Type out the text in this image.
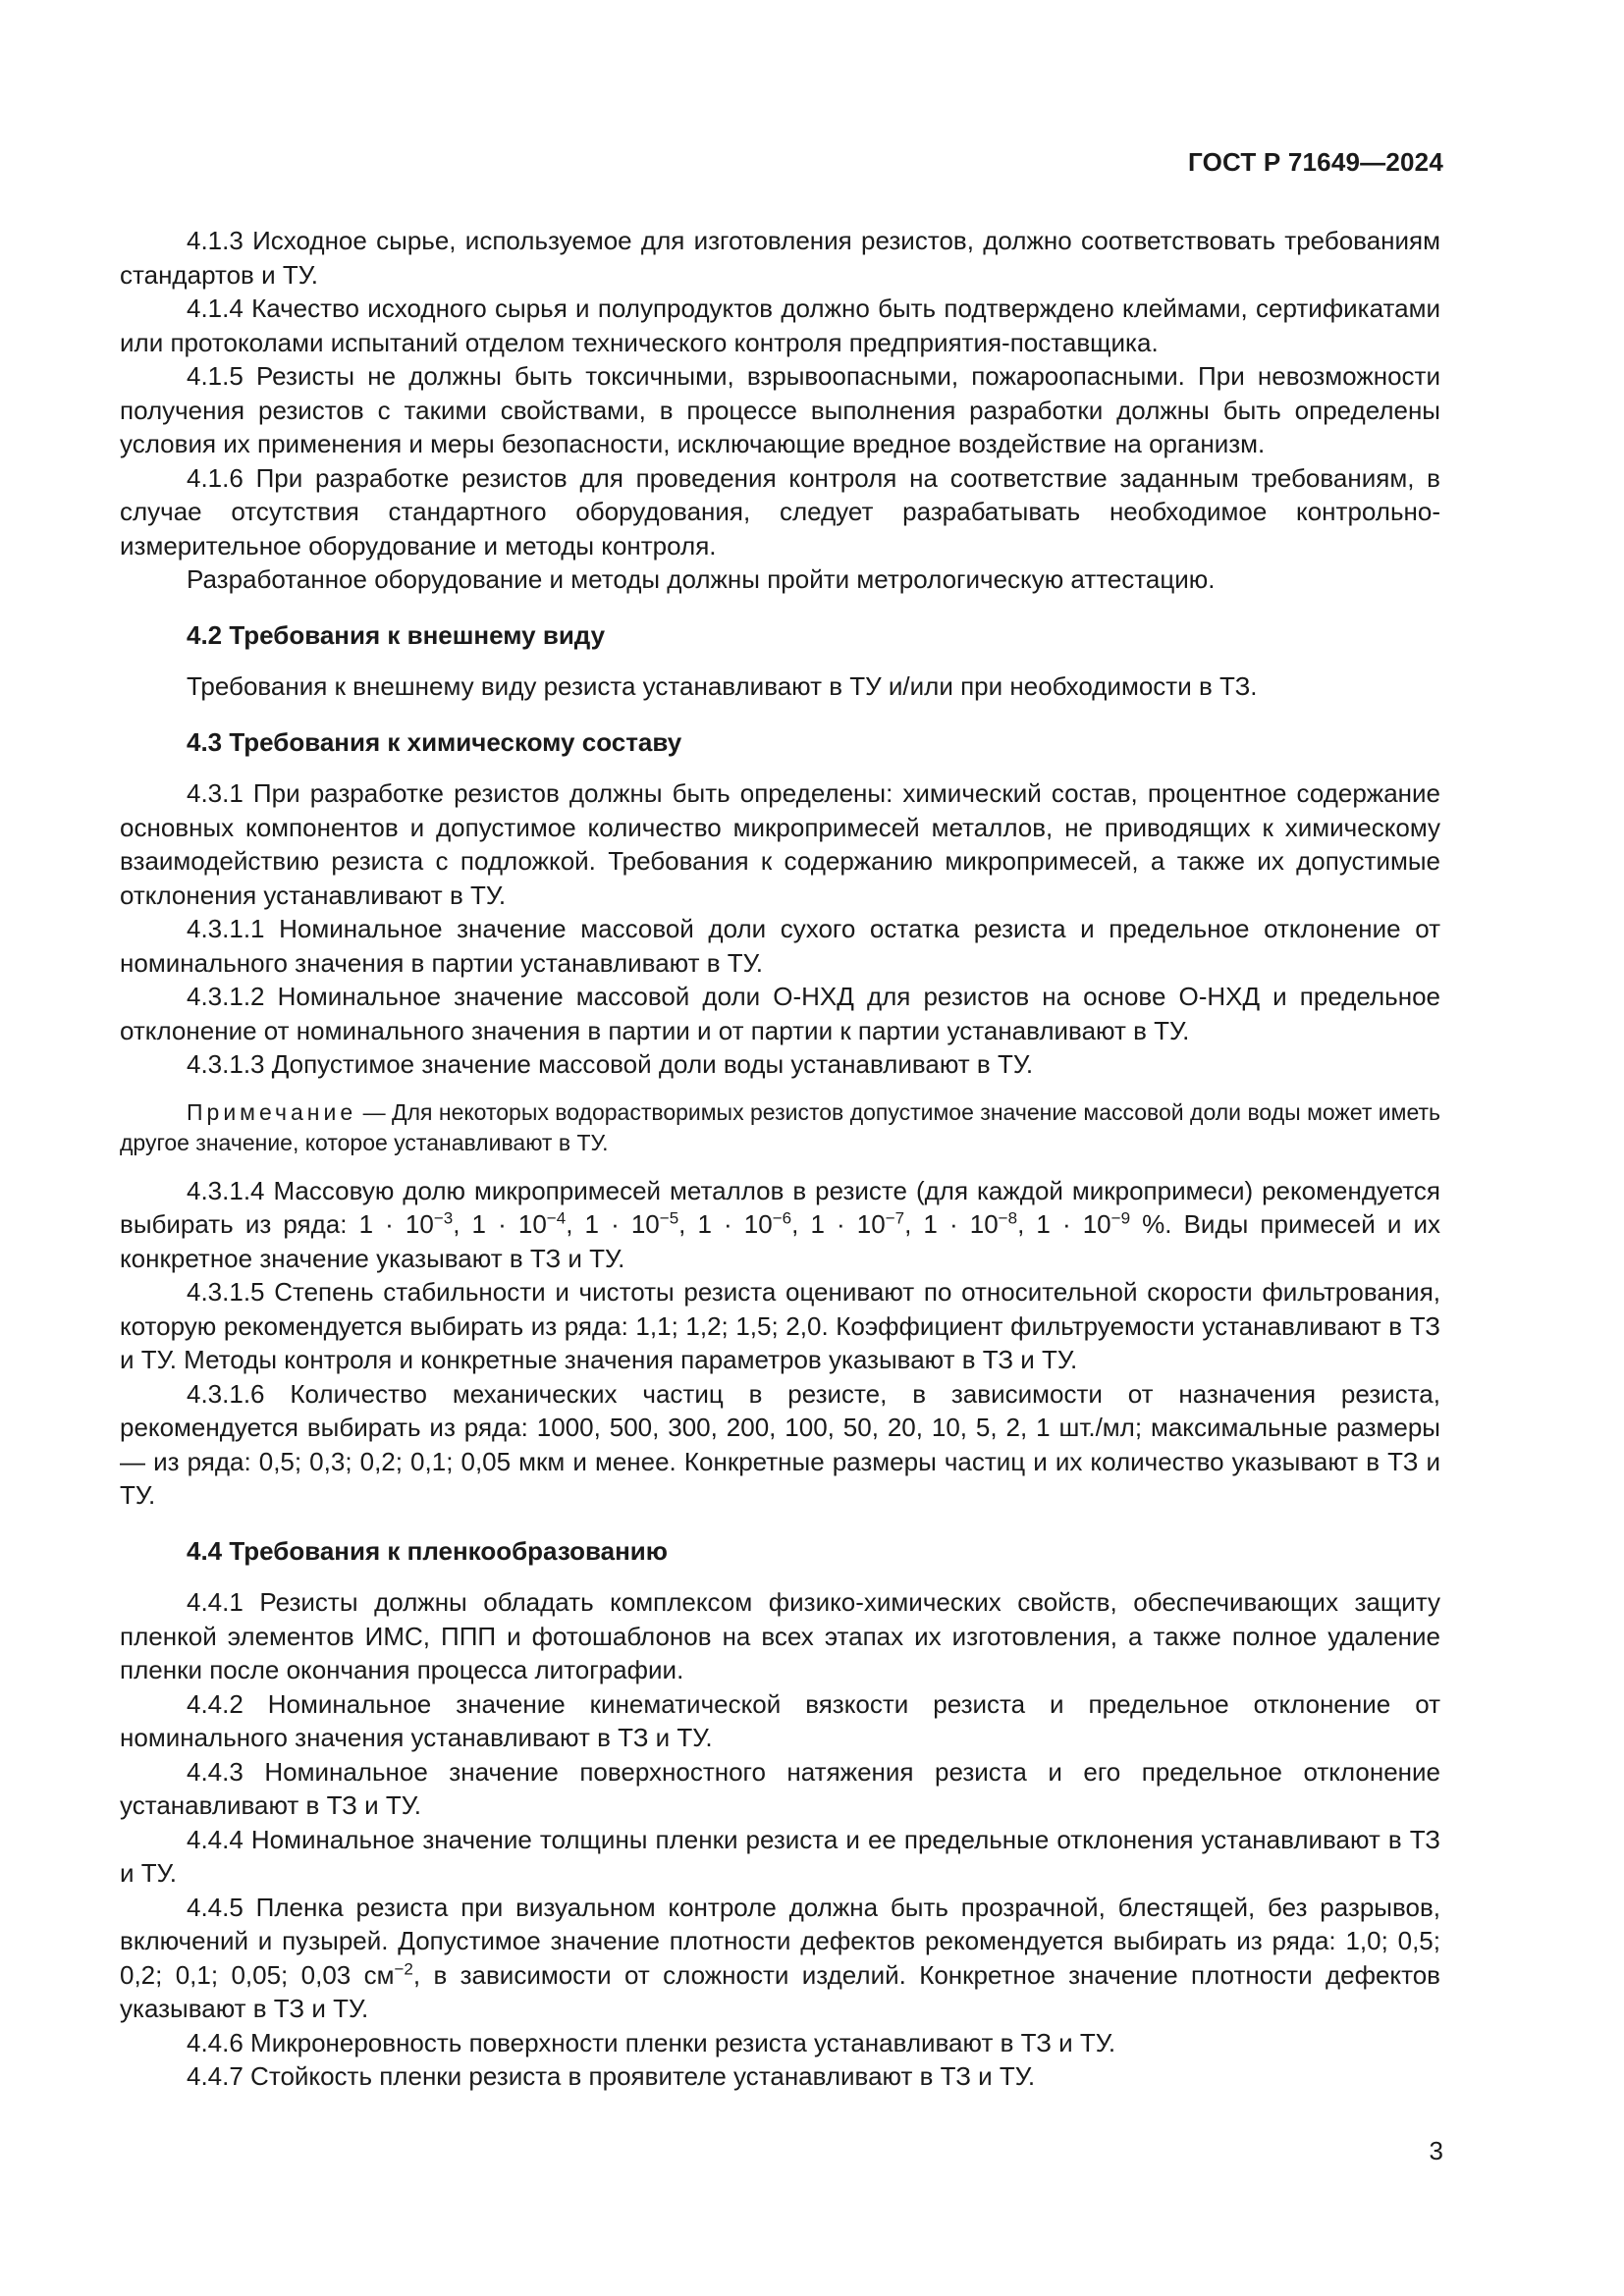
ГОСТ Р 71649—2024

4.1.3 Исходное сырье, используемое для изготовления резистов, должно соответствовать требованиям стандартов и ТУ.

4.1.4 Качество исходного сырья и полупродуктов должно быть подтверждено клеймами, сертификатами или протоколами испытаний отделом технического контроля предприятия-поставщика.

4.1.5 Резисты не должны быть токсичными, взрывоопасными, пожароопасными. При невозможности получения резистов с такими свойствами, в процессе выполнения разработки должны быть определены условия их применения и меры безопасности, исключающие вредное воздействие на организм.

4.1.6 При разработке резистов для проведения контроля на соответствие заданным требованиям, в случае отсутствия стандартного оборудования, следует разрабатывать необходимое контрольно-измерительное оборудование и методы контроля.

Разработанное оборудование и методы должны пройти метрологическую аттестацию.

4.2 Требования к внешнему виду

Требования к внешнему виду резиста устанавливают в ТУ и/или при необходимости в ТЗ.

4.3 Требования к химическому составу

4.3.1 При разработке резистов должны быть определены: химический состав, процентное содержание основных компонентов и допустимое количество микропримесей металлов, не приводящих к химическому взаимодействию резиста с подложкой. Требования к содержанию микропримесей, а также их допустимые отклонения устанавливают в ТУ.

4.3.1.1 Номинальное значение массовой доли сухого остатка резиста и предельное отклонение от номинального значения в партии устанавливают в ТУ.

4.3.1.2 Номинальное значение массовой доли О-НХД для резистов на основе О-НХД и предельное отклонение от номинального значения в партии и от партии к партии устанавливают в ТУ.

4.3.1.3 Допустимое значение массовой доли воды устанавливают в ТУ.

Примечание — Для некоторых водорастворимых резистов допустимое значение массовой доли воды может иметь другое значение, которое устанавливают в ТУ.

4.3.1.4 Массовую долю микропримесей металлов в резисте (для каждой микропримеси) рекомендуется выбирать из ряда: $1 \cdot 10^{-3}$, $1 \cdot 10^{-4}$, $1 \cdot 10^{-5}$, $1 \cdot 10^{-6}$, $1 \cdot 10^{-7}$, $1 \cdot 10^{-8}$, $1 \cdot 10^{-9}$ %. Виды примесей и их конкретное значение указывают в ТЗ и ТУ.

4.3.1.5 Степень стабильности и чистоты резиста оценивают по относительной скорости фильтрования, которую рекомендуется выбирать из ряда: 1,1; 1,2; 1,5; 2,0. Коэффициент фильтруемости устанавливают в ТЗ и ТУ. Методы контроля и конкретные значения параметров указывают в ТЗ и ТУ.

4.3.1.6 Количество механических частиц в резисте, в зависимости от назначения резиста, рекомендуется выбирать из ряда: 1000, 500, 300, 200, 100, 50, 20, 10, 5, 2, 1 шт./мл; максимальные размеры — из ряда: 0,5; 0,3; 0,2; 0,1; 0,05 мкм и менее. Конкретные размеры частиц и их количество указывают в ТЗ и ТУ.

4.4 Требования к пленкообразованию

4.4.1 Резисты должны обладать комплексом физико-химических свойств, обеспечивающих защиту пленкой элементов ИМС, ППП и фотошаблонов на всех этапах их изготовления, а также полное удаление пленки после окончания процесса литографии.

4.4.2 Номинальное значение кинематической вязкости резиста и предельное отклонение от номинального значения устанавливают в ТЗ и ТУ.

4.4.3 Номинальное значение поверхностного натяжения резиста и его предельное отклонение устанавливают в ТЗ и ТУ.

4.4.4 Номинальное значение толщины пленки резиста и ее предельные отклонения устанавливают в ТЗ и ТУ.

4.4.5 Пленка резиста при визуальном контроле должна быть прозрачной, блестящей, без разрывов, включений и пузырей. Допустимое значение плотности дефектов рекомендуется выбирать из ряда: 1,0; 0,5; 0,2; 0,1; 0,05; 0,03 $см^{-2}$, в зависимости от сложности изделий. Конкретное значение плотности дефектов указывают в ТЗ и ТУ.

4.4.6 Микронеровность поверхности пленки резиста устанавливают в ТЗ и ТУ.

4.4.7 Стойкость пленки резиста в проявителе устанавливают в ТЗ и ТУ.

3
